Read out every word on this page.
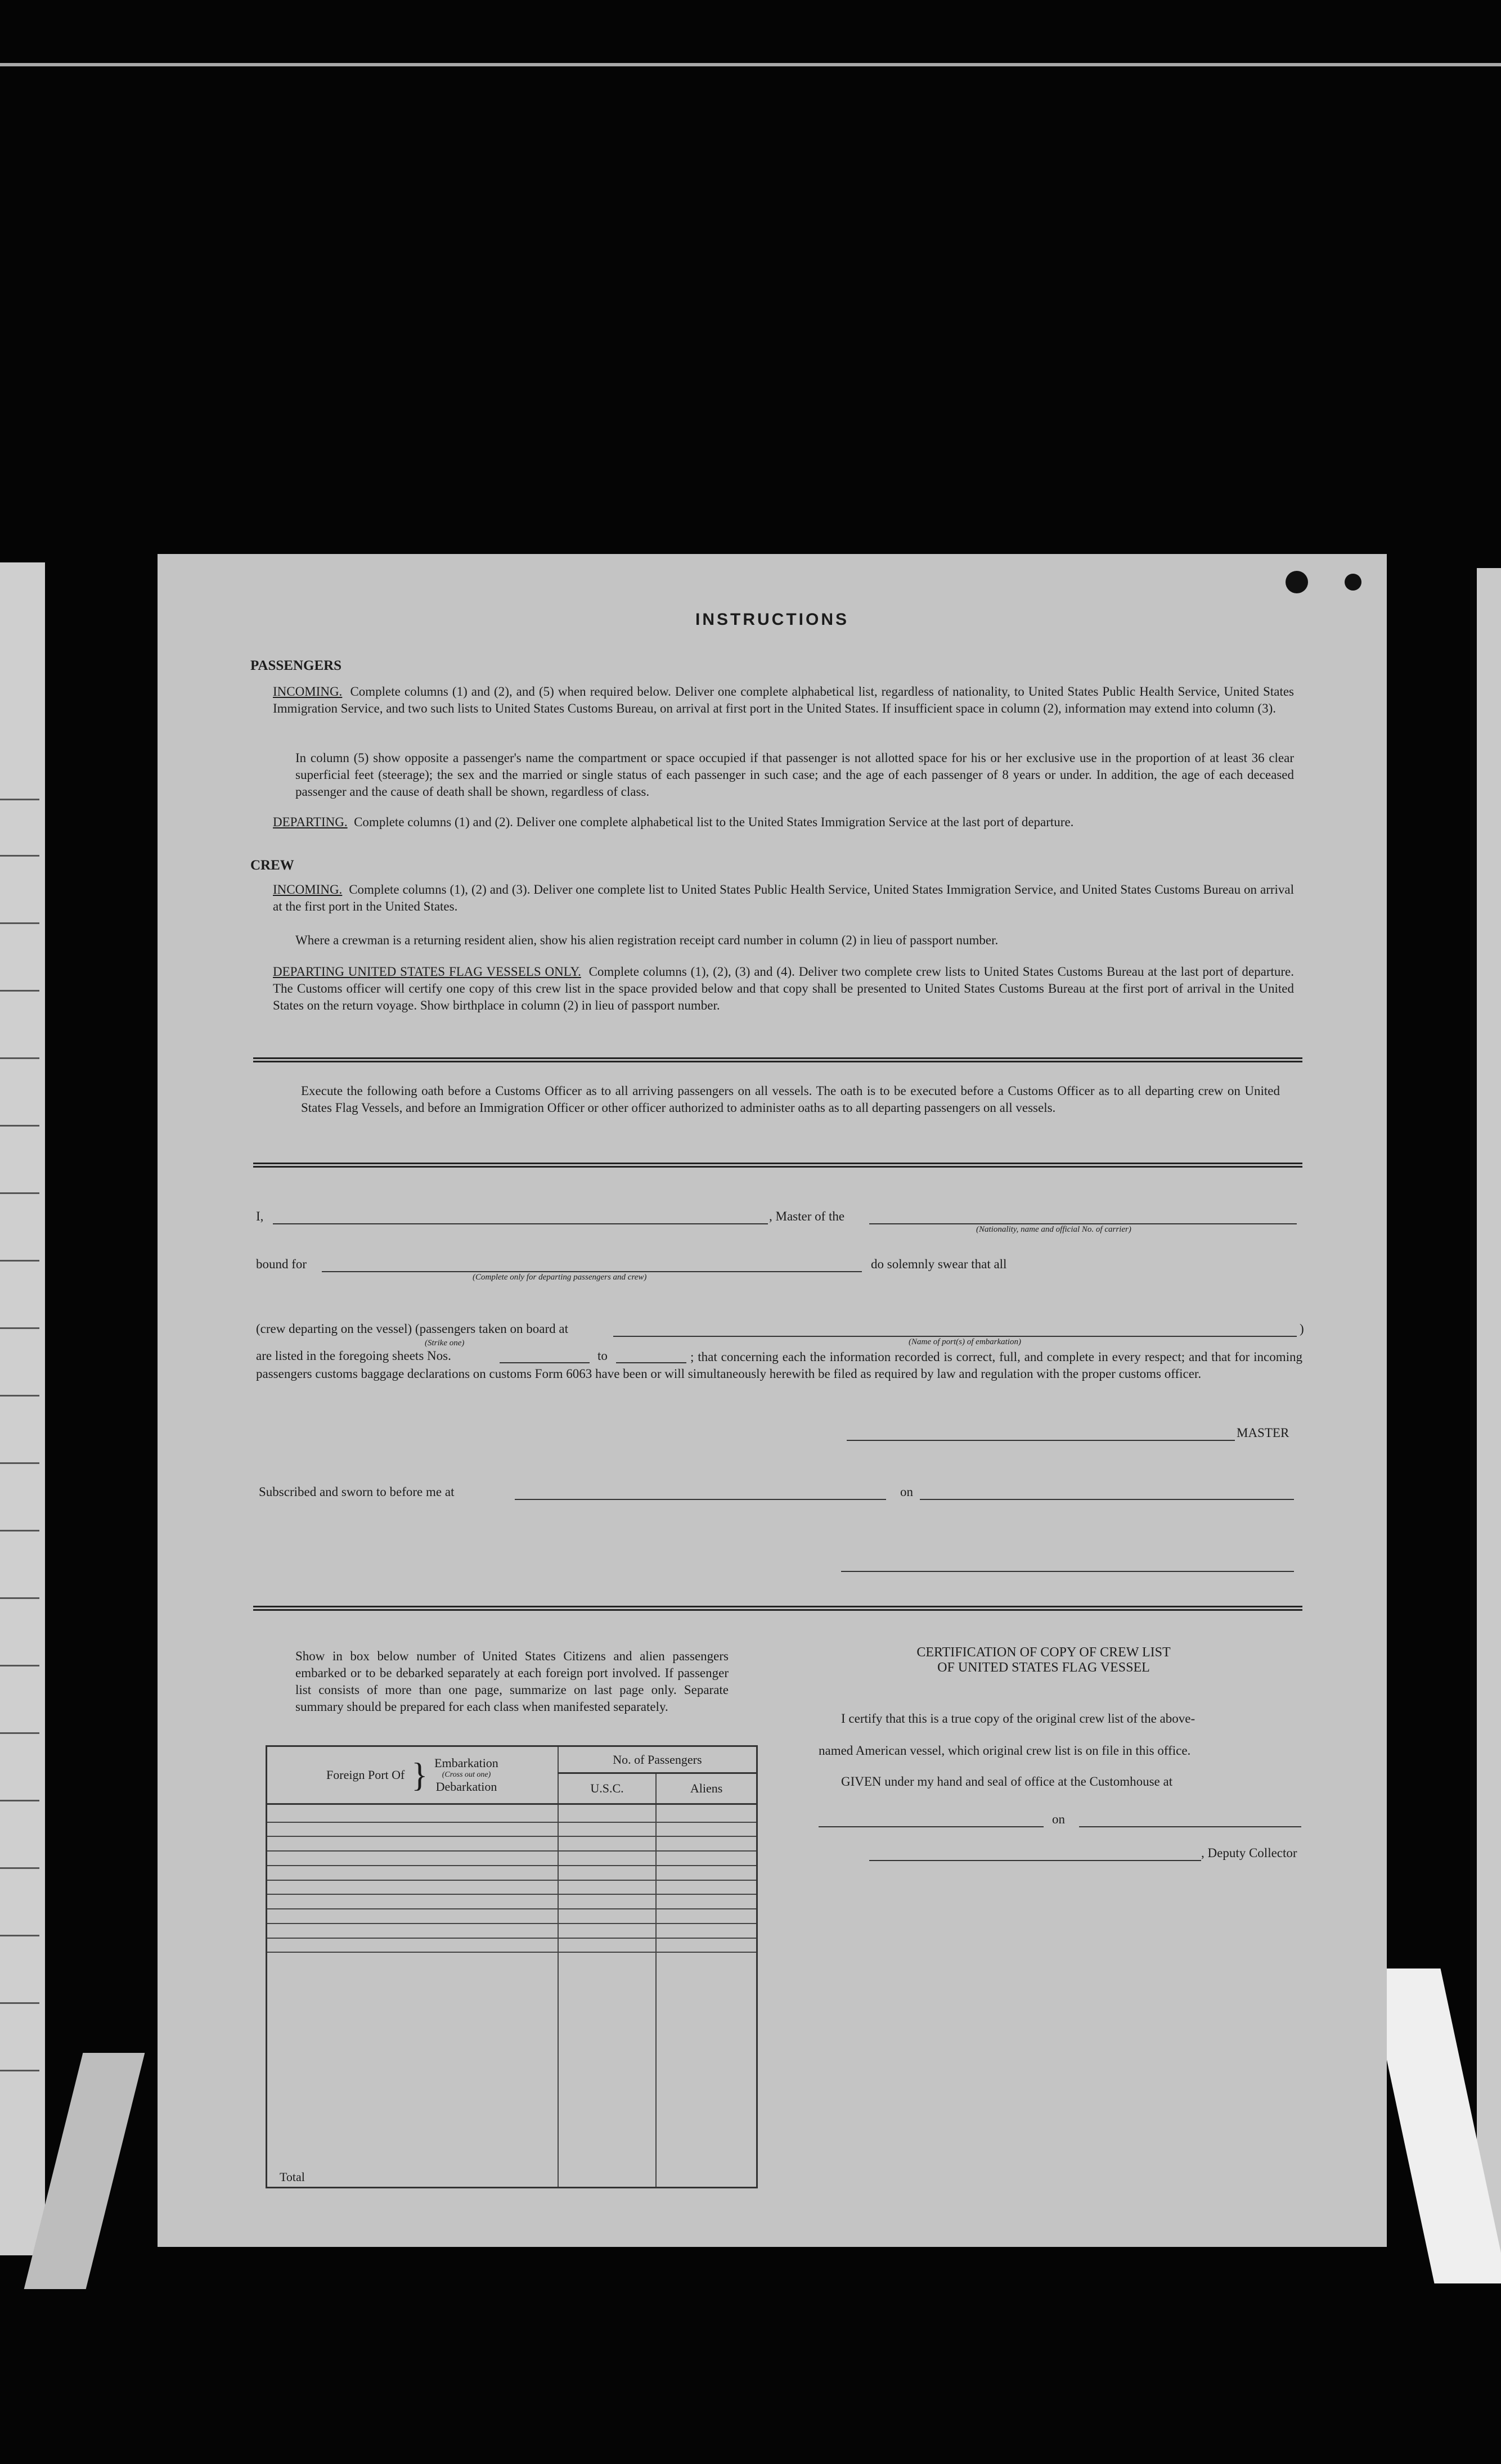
INSTRUCTIONS
PASSENGERS
INCOMING. Complete columns (1) and (2), and (5) when required below. Deliver one complete alphabetical list, regardless of nationality, to United States Public Health Service, United States Immigration Service, and two such lists to United States Customs Bureau, on arrival at first port in the United States. If insufficient space in column (2), information may extend into column (3).
In column (5) show opposite a passenger's name the compartment or space occupied if that passenger is not allotted space for his or her exclusive use in the proportion of at least 36 clear superficial feet (steerage); the sex and the married or single status of each passenger in such case; and the age of each passenger of 8 years or under. In addition, the age of each deceased passenger and the cause of death shall be shown, regardless of class.
DEPARTING. Complete columns (1) and (2). Deliver one complete alphabetical list to the United States Immigration Service at the last port of departure.
CREW
INCOMING. Complete columns (1), (2) and (3). Deliver one complete list to United States Public Health Service, United States Immigration Service, and United States Customs Bureau on arrival at the first port in the United States.
Where a crewman is a returning resident alien, show his alien registration receipt card number in column (2) in lieu of passport number.
DEPARTING UNITED STATES FLAG VESSELS ONLY. Complete columns (1), (2), (3) and (4). Deliver two complete crew lists to United States Customs Bureau at the last port of departure. The Customs officer will certify one copy of this crew list in the space provided below and that copy shall be presented to United States Customs Bureau at the first port of arrival in the United States on the return voyage. Show birthplace in column (2) in lieu of passport number.
Execute the following oath before a Customs Officer as to all arriving passengers on all vessels. The oath is to be executed before a Customs Officer as to all departing crew on United States Flag Vessels, and before an Immigration Officer or other officer authorized to administer oaths as to all departing passengers on all vessels.
I,	, Master of the
(Nationality, name and official No. of carrier)
bound for
(Complete only for departing passengers and crew)
do solemnly swear that all
(crew departing on the vessel) (passengers taken on board at
(Strike one)
)
(Name of port(s) of embarkation)
are listed in the foregoing sheets Nos.	to	; that concerning each the information recorded is correct, full, and complete in every respect; and that for incoming passengers customs baggage declarations on customs Form 6063 have been or will simultaneously herewith be filed as required by law and regulation with the proper customs officer.
MASTER
Subscribed and sworn to before me at	on
Show in box below number of United States Citizens and alien passengers embarked or to be debarked separately at each foreign port involved. If passenger list consists of more than one page, summarize on last page only. Separate summary should be prepared for each class when manifested separately.
Foreign Port Of } Embarkation
(Cross out one)
Debarkation	No. of Passengers	
	U.S.C.	Aliens

Total		
CERTIFICATION OF COPY OF CREW LIST
OF UNITED STATES FLAG VESSEL
I certify that this is a true copy of the original crew list of the above-
named American vessel, which original crew list is on file in this office.
GIVEN under my hand and seal of office at the Customhouse at
on
, Deputy Collector
